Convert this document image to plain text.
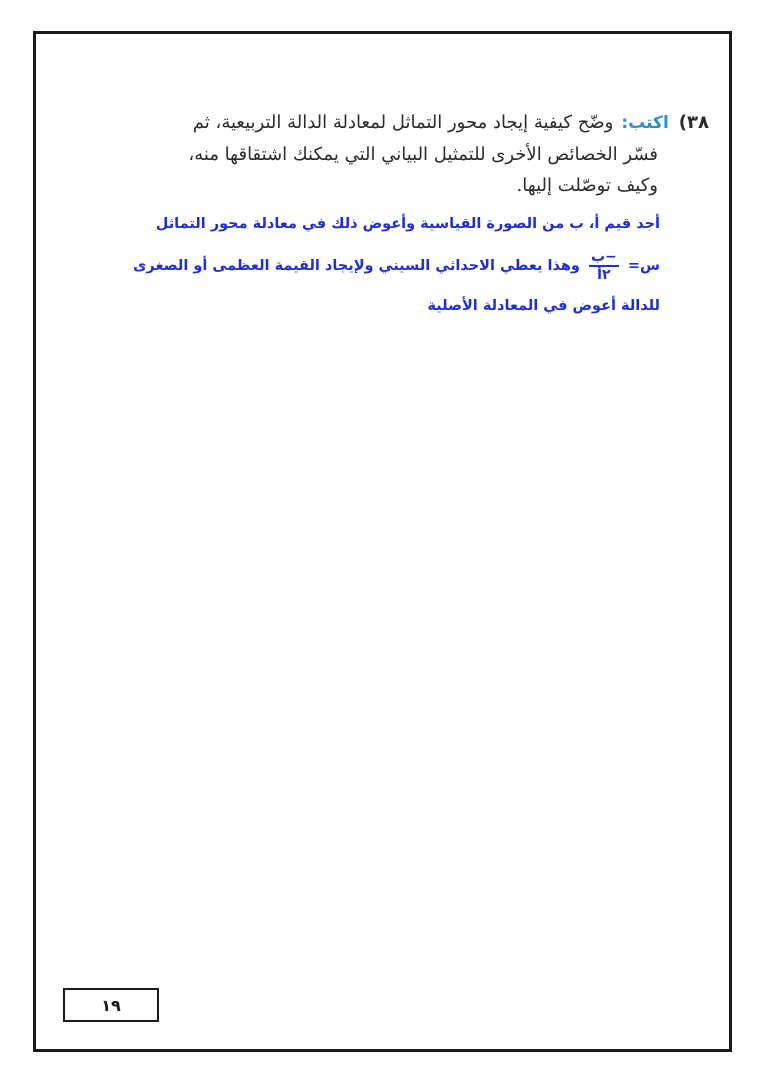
٣٨)اكتب:وضّح كيفية إيجاد محور التماثل لمعادلة الدالة التربيعية، ثم
فسّر الخصائص الأخرى للتمثيل البياني التي يمكنك اشتقاقها منه،
وكيف توصّلت إليها.
أجد قيم أ، ب من الصورة القياسية وأعوض ذلك في معادلة محور التماثل
س=
$\frac{\text{−ب}}{\text{٢أ}}$
وهذا يعطي الاحداثي السيني ولإيجاد القيمة العظمى أو الصغرى
للدالة أعوض في المعادلة الأصلية
١٩
